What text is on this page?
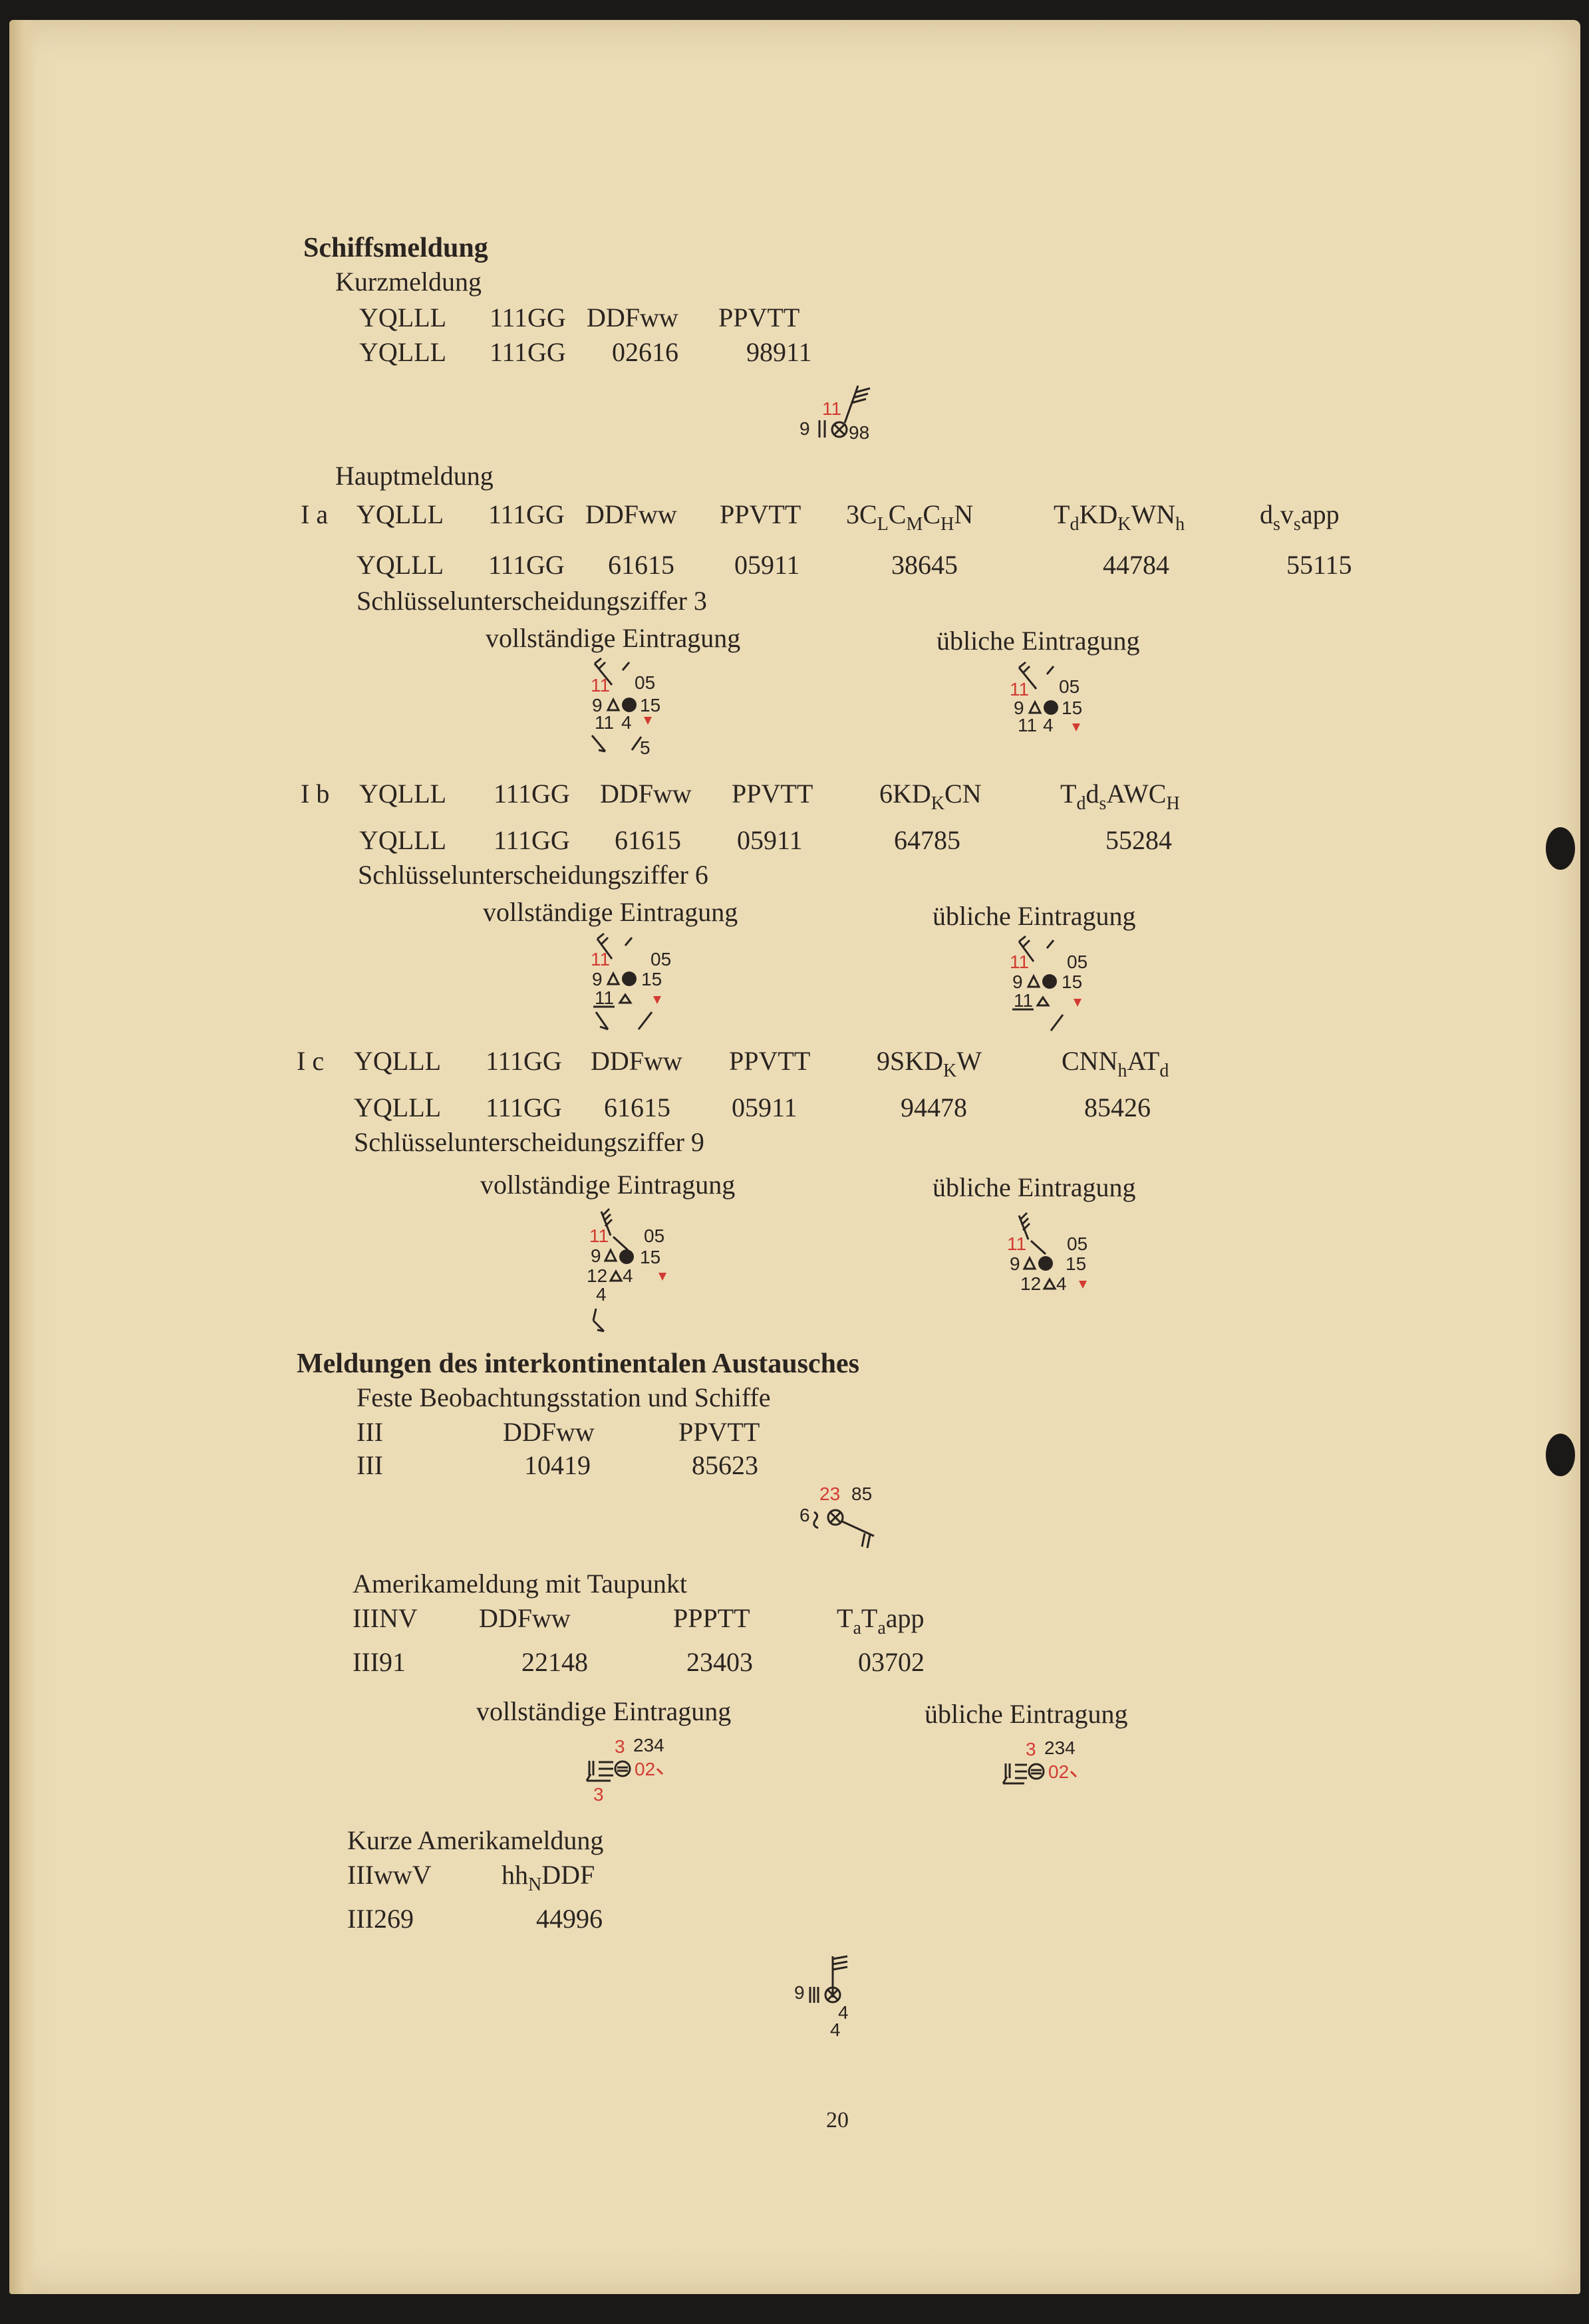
Schiffsmeldung
Kurzmeldung
YQLLL 111GG DDFww PPVTT
YQLLL 111GG 02616	98911
11
9 98
Hauptmeldung
I a YQLLL 111GG DDFww PPVTT $3C_LC_MC_HN$	$T_dKD_KWN_h$	$d_sv_sapp$
YQLLL 111GG 61615 05911	38645	44784	55115
Schlüsselunterscheidungsziffer 3
vollständige Eintragung	übliche Eintragung
11 05
9 15
11 4
5
11 05
9 15
11 4
I b YQLLL 111GG DDFww PPVTT $6KD_KCN$	$T_dd_sAWC_H$
YQLLL 111GG 61615 05911	64785	55284
Schlüsselunterscheidungsziffer 6
vollständige Eintragung	übliche Eintragung
11 05
9 15
11
11 05
9 15
11
I c YQLLL 111GG DDFww PPVTT $9SKD_KW$	$CNN_hAT_d$
YQLLL 111GG 61615 05911	94478	85426
Schlüsselunterscheidungsziffer 9
vollständige Eintragung	übliche Eintragung
11 05
9 15
12 4
4
11 05
9 15
12 4
Meldungen des interkontinentalen Austausches
Feste Beobachtungsstation und Schiffe
III	DDFww	PPVTT
III	10419	85623
23 85
6
Amerikameldung mit Taupunkt
IIINV DDFww	PPPTT	$T_aT_aapp$
III91	22148	23403	03702
vollständige Eintragung	übliche Eintragung
3 234
02
3
3 234
02
Kurze Amerikameldung
IIIwwV	$hh_NDDF$
III269	44996
9
4
4
20
